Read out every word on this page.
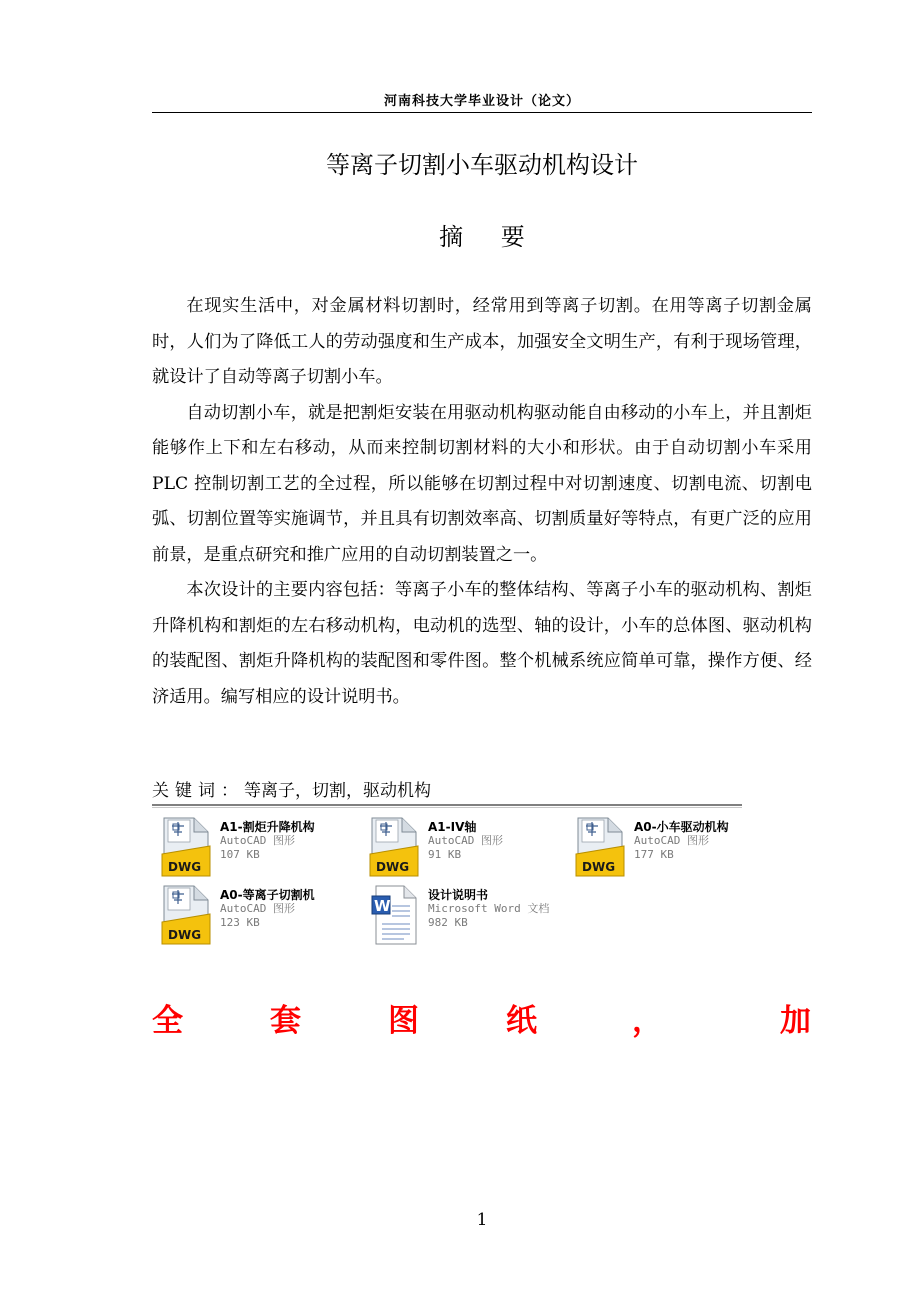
河南科技大学毕业设计（论文）
等离子切割小车驱动机构设计
摘 要

在现实生活中，对金属材料切割时，经常用到等离子切割。在用等离子切割金属时，人们为了降低工人的劳动强度和生产成本，加强安全文明生产，有利于现场管理，就设计了自动等离子切割小车。

自动切割小车，就是把割炬安装在用驱动机构驱动能自由移动的小车上，并且割炬能够作上下和左右移动，从而来控制切割材料的大小和形状。由于自动切割小车采用 PLC 控制切割工艺的全过程，所以能够在切割过程中对切割速度、切割电流、切割电弧、切割位置等实施调节，并且具有切割效率高、切割质量好等特点，有更广泛的应用前景，是重点研究和推广应用的自动切割装置之一。

本次设计的主要内容包括：等离子小车的整体结构、等离子小车的驱动机构、割炬升降机构和割炬的左右移动机构，电动机的选型、轴的设计，小车的总体图、驱动机构的装配图、割炬升降机构的装配图和零件图。整个机械系统应简单可靠，操作方便、经济适用。编写相应的设计说明书。

关键词：等离子，切割，驱动机构
DWG
A1-割炬升降机构
AutoCAD 图形
107 KB
DWG
A1-IV轴
AutoCAD 图形
91 KB
DWG
A0-小车驱动机构
AutoCAD 图形
177 KB
DWG
A0-等离子切割机
AutoCAD 图形
123 KB
W
设计说明书
Microsoft Word 文档
982 KB
全	套	图	纸	，	加
1
